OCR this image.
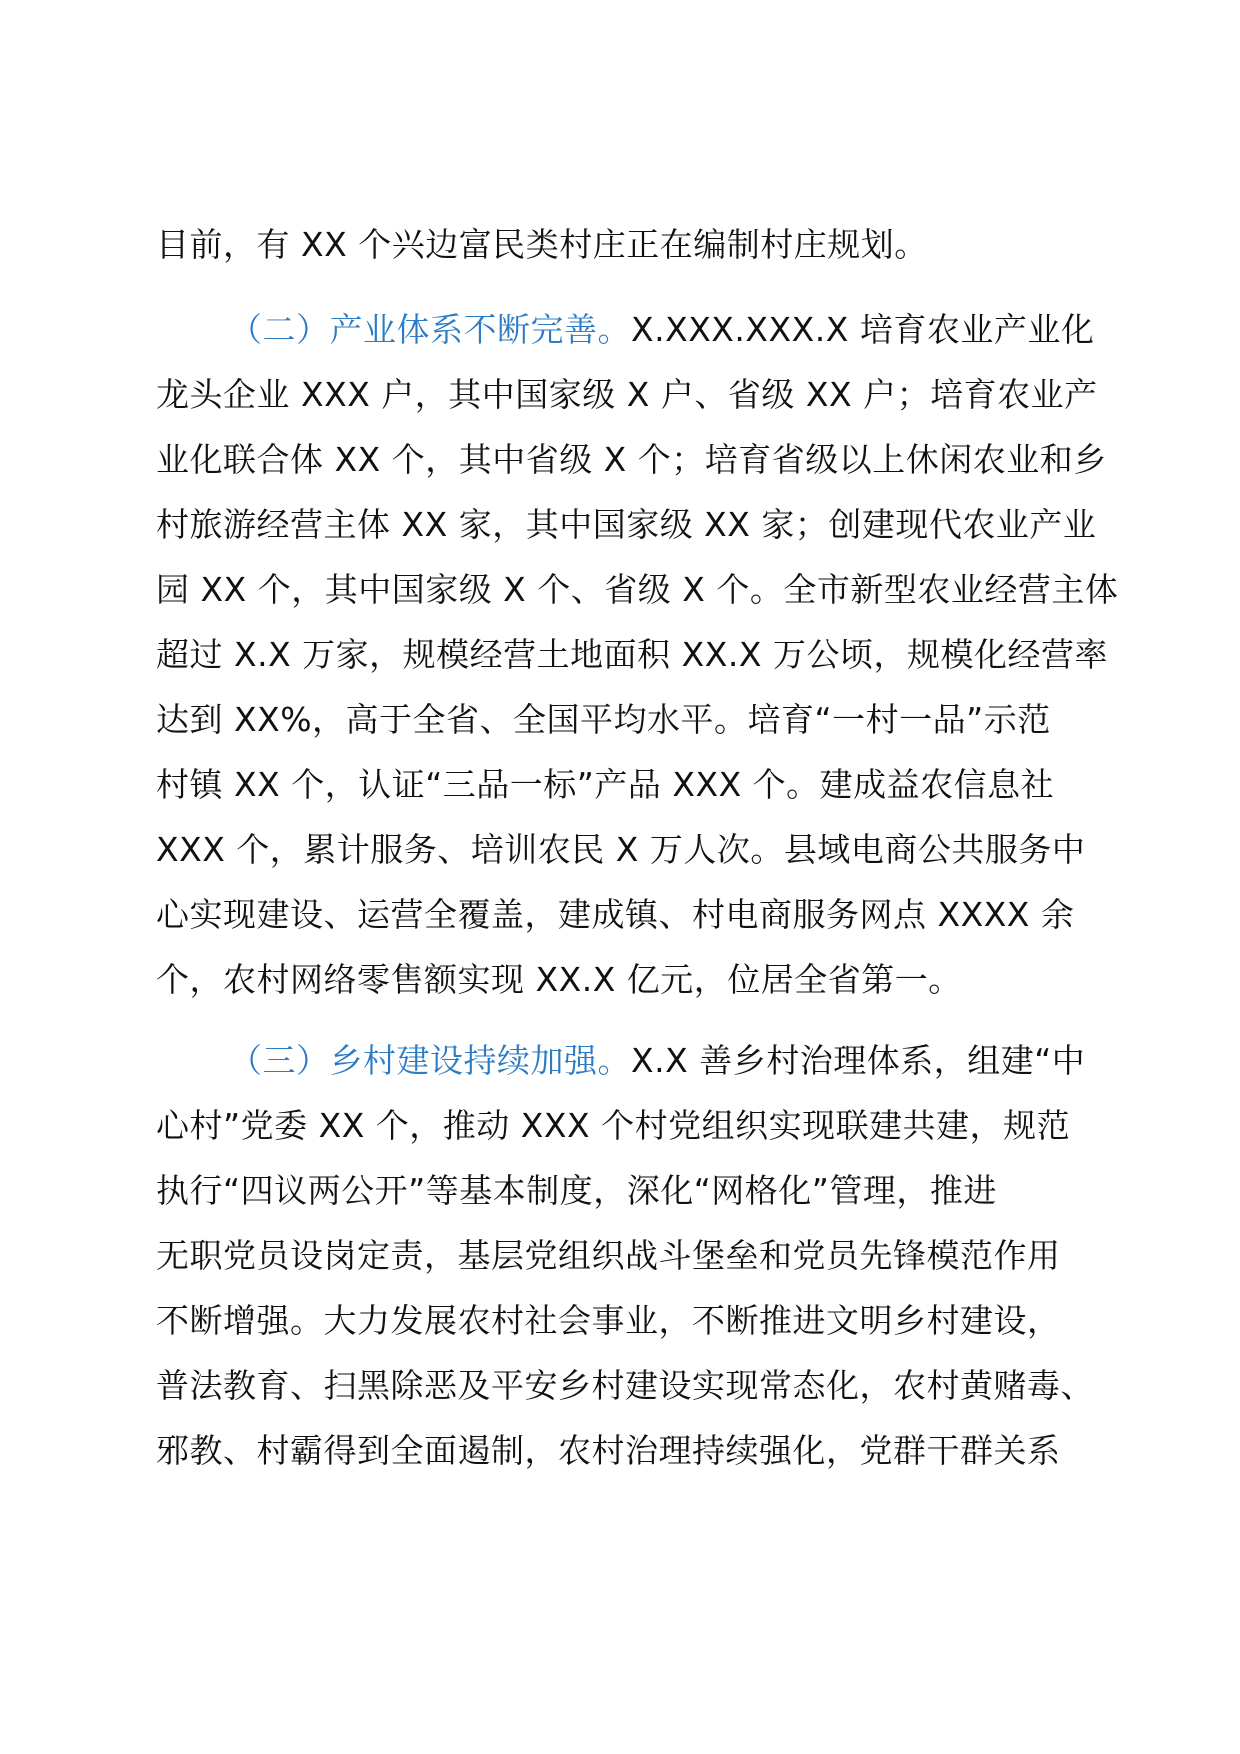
目前，有 XX 个兴边富民类村庄正在编制村庄规划。
（二）产业体系不断完善。X.XXX.XXX.X 培育农业产业化
龙头企业 XXX 户，其中国家级 X 户、省级 XX 户；培育农业产
业化联合体 XX 个，其中省级 X 个；培育省级以上休闲农业和乡
村旅游经营主体 XX 家，其中国家级 XX 家；创建现代农业产业
园 XX 个，其中国家级 X 个、省级 X 个。全市新型农业经营主体
超过 X.X 万家，规模经营土地面积 XX.X 万公顷，规模化经营率
达到 XX%，高于全省、全国平均水平。培育“一村一品”示范
村镇 XX 个，认证“三品一标”产品 XXX 个。建成益农信息社
XXX 个，累计服务、培训农民 X 万人次。县域电商公共服务中
心实现建设、运营全覆盖，建成镇、村电商服务网点 XXXX 余
个，农村网络零售额实现 XX.X 亿元，位居全省第一。
（三）乡村建设持续加强。X.X 善乡村治理体系，组建“中
心村”党委 XX 个，推动 XXX 个村党组织实现联建共建，规范
执行“四议两公开”等基本制度，深化“网格化”管理，推进
无职党员设岗定责，基层党组织战斗堡垒和党员先锋模范作用
不断增强。大力发展农村社会事业，不断推进文明乡村建设，
普法教育、扫黑除恶及平安乡村建设实现常态化，农村黄赌毒、
邪教、村霸得到全面遏制，农村治理持续强化，党群干群关系
